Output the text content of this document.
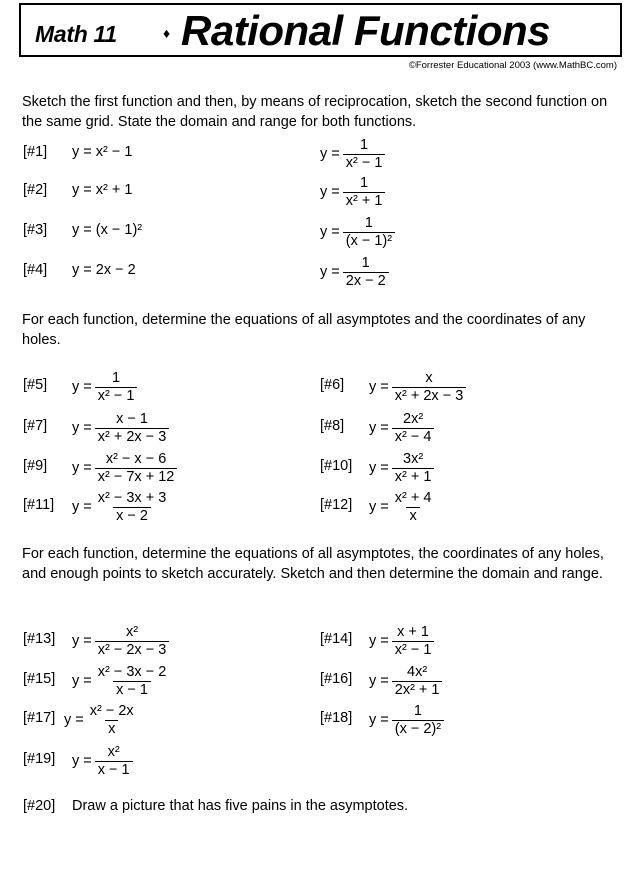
Math 11	♦ Rational Functions
©Forrester Educational 2003 (www.MathBC.com)
Sketch the first function and then, by means of reciprocation, sketch the second function on the same grid. State the domain and range for both functions.
[#1] y = x² − 1	$y = \frac{1}{\text{x² − 1}}$
[#2] y = x² + 1	$y = \frac{1}{\text{x² + 1}}$
[#3] y = (x − 1)²	$y = \frac{1}{\text{(x − 1)²}}$
[#4] y = 2x − 2	$y = \frac{1}{2x - 2}$
For each function, determine the equations of all asymptotes and the coordinates of any holes.
[#5] $y = \frac{1}{\text{x² − 1}}$	[#6] $y = \frac{x}{\text{x² + 2x − 3}}$
[#7] $y = \frac{x - 1}{\text{x² + 2x − 3}}$	[#8] $y = \frac{\text{2x²}}{\text{x² − 4}}$
[#9] $y = \frac{\text{x² − x − 6}}{\text{x² − 7x + 12}}$	[#10] $y = \frac{\text{3x²}}{\text{x² + 1}}$
[#11] $y = \frac{\text{x² − 3x + 3}}{x - 2}$	[#12] $y = \frac{\text{x² + 4}}{x}$
For each function, determine the equations of all asymptotes, the coordinates of any holes, and enough points to sketch accurately. Sketch and then determine the domain and range.
[#13] $y = \frac{\text{x²}}{\text{x² − 2x − 3}}$	[#14] $y = \frac{x + 1}{\text{x² − 1}}$
[#15] $y = \frac{\text{x² − 3x − 2}}{x - 1}$	[#16] $y = \frac{\text{4x²}}{\text{2x² + 1}}$
[#17] $y = \frac{\text{x² − 2x}}{x}$	[#18] $y = \frac{1}{\text{(x − 2)²}}$
[#19] $y = \frac{\text{x²}}{x - 1}$
[#20] Draw a picture that has five pains in the asymptotes.
